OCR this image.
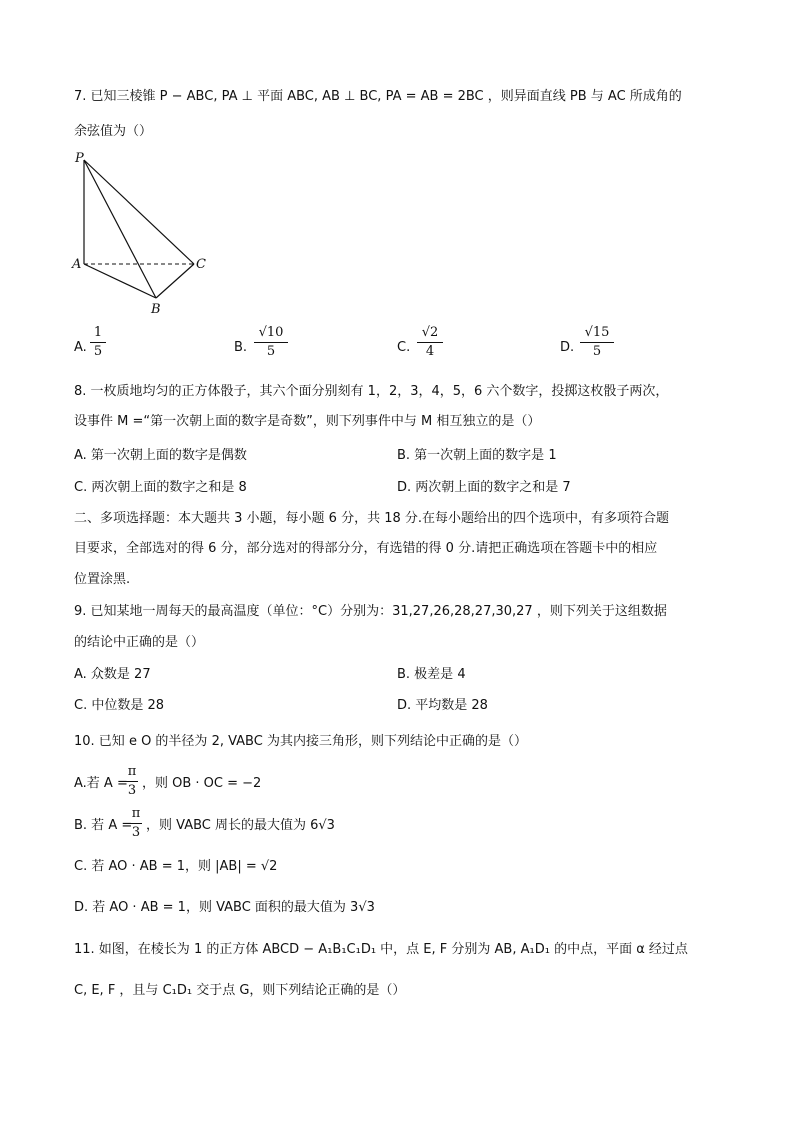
7. 已知三棱锥 P − ABC, PA ⊥ 平面 ABC, AB ⊥ BC, PA = AB = 2BC ，则异面直线 PB 与 AC 所成角的
余弦值为（）
P
A
B
C
A.
1
5	B.
√10
5	C.
√2
4	D.
√15
5
8. 一枚质地均匀的正方体骰子，其六个面分别刻有 1，2，3，4，5，6 六个数字，投掷这枚骰子两次，
设事件 M =“第一次朝上面的数字是奇数”，则下列事件中与 M 相互独立的是（）
A. 第一次朝上面的数字是偶数	B. 第一次朝上面的数字是 1
C. 两次朝上面的数字之和是 8	D. 两次朝上面的数字之和是 7
二、多项选择题：本大题共 3 小题，每小题 6 分，共 18 分.在每小题给出的四个选项中，有多项符合题
目要求，全部选对的得 6 分，部分选对的得部分分，有选错的得 0 分.请把正确选项在答题卡中的相应
位置涂黑.
9. 已知某地一周每天的最高温度（单位：°C）分别为：31,27,26,28,27,30,27 ，则下列关于这组数据
的结论中正确的是（）
A. 众数是 27	B. 极差是 4
C. 中位数是 28	D. 平均数是 28
10. 已知 e O 的半径为 2, VABC 为其内接三角形，则下列结论中正确的是（）
A.若 A =
π
3 ，则 OB · OC = −2
B. 若 A =
π
3 ，则 VABC 周长的最大值为 6√3
C. 若 AO · AB = 1，则 |AB| = √2
D. 若 AO · AB = 1，则 VABC 面积的最大值为 3√3
11. 如图，在棱长为 1 的正方体 ABCD − A₁B₁C₁D₁ 中，点 E, F 分别为 AB, A₁D₁ 的中点，平面 α 经过点
C, E, F ，且与 C₁D₁ 交于点 G，则下列结论正确的是（）
